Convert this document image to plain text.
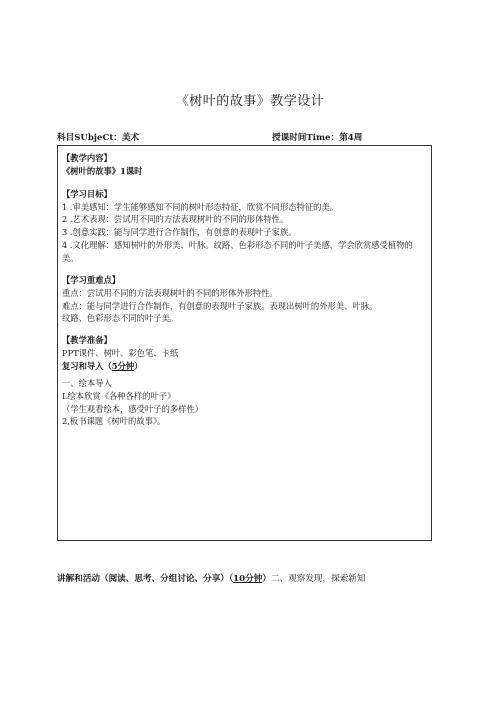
《树叶的故事》教学设计
科目SUbjeCt：美术	授课时间Time：第4周
【教学内容】
《树叶的故事》1课时
【学习目标】
1 .审美感知：学生能够感知不同的树叶形态特征，欣赏不同形态特征的美。
2 .艺术表现：尝试用不同的方法表现树叶的不同的形体特性。
3 .创意实践：能与同学进行合作制作，有创意的表现叶子家族。
4 .文化理解：感知树叶的外形美、叶脉。纹路、色彩形态不同的叶子美感，学会欣赏感受植物的美。
【学习重难点】
重点：尝试用不同的方法表现树叶的不同的形体外形特性。
难点：能与同学进行合作制作，有创意的表现叶子家族。表现出树叶的外形美、叶脉。
纹路、色彩形态不同的叶子美。
【教学准备】
PPT课件、树叶、彩色笔、卡纸
复习和导入（5分钟）
一、绘本导入
L绘本欣赏《各种各样的叶子》
（学生观看绘本，感受叶子的多样性）
2,板书课题《树叶的故事》。
讲解和活动（阅读、思考、分组讨论、分享）（10分钟）二、观察发现，探索新知
